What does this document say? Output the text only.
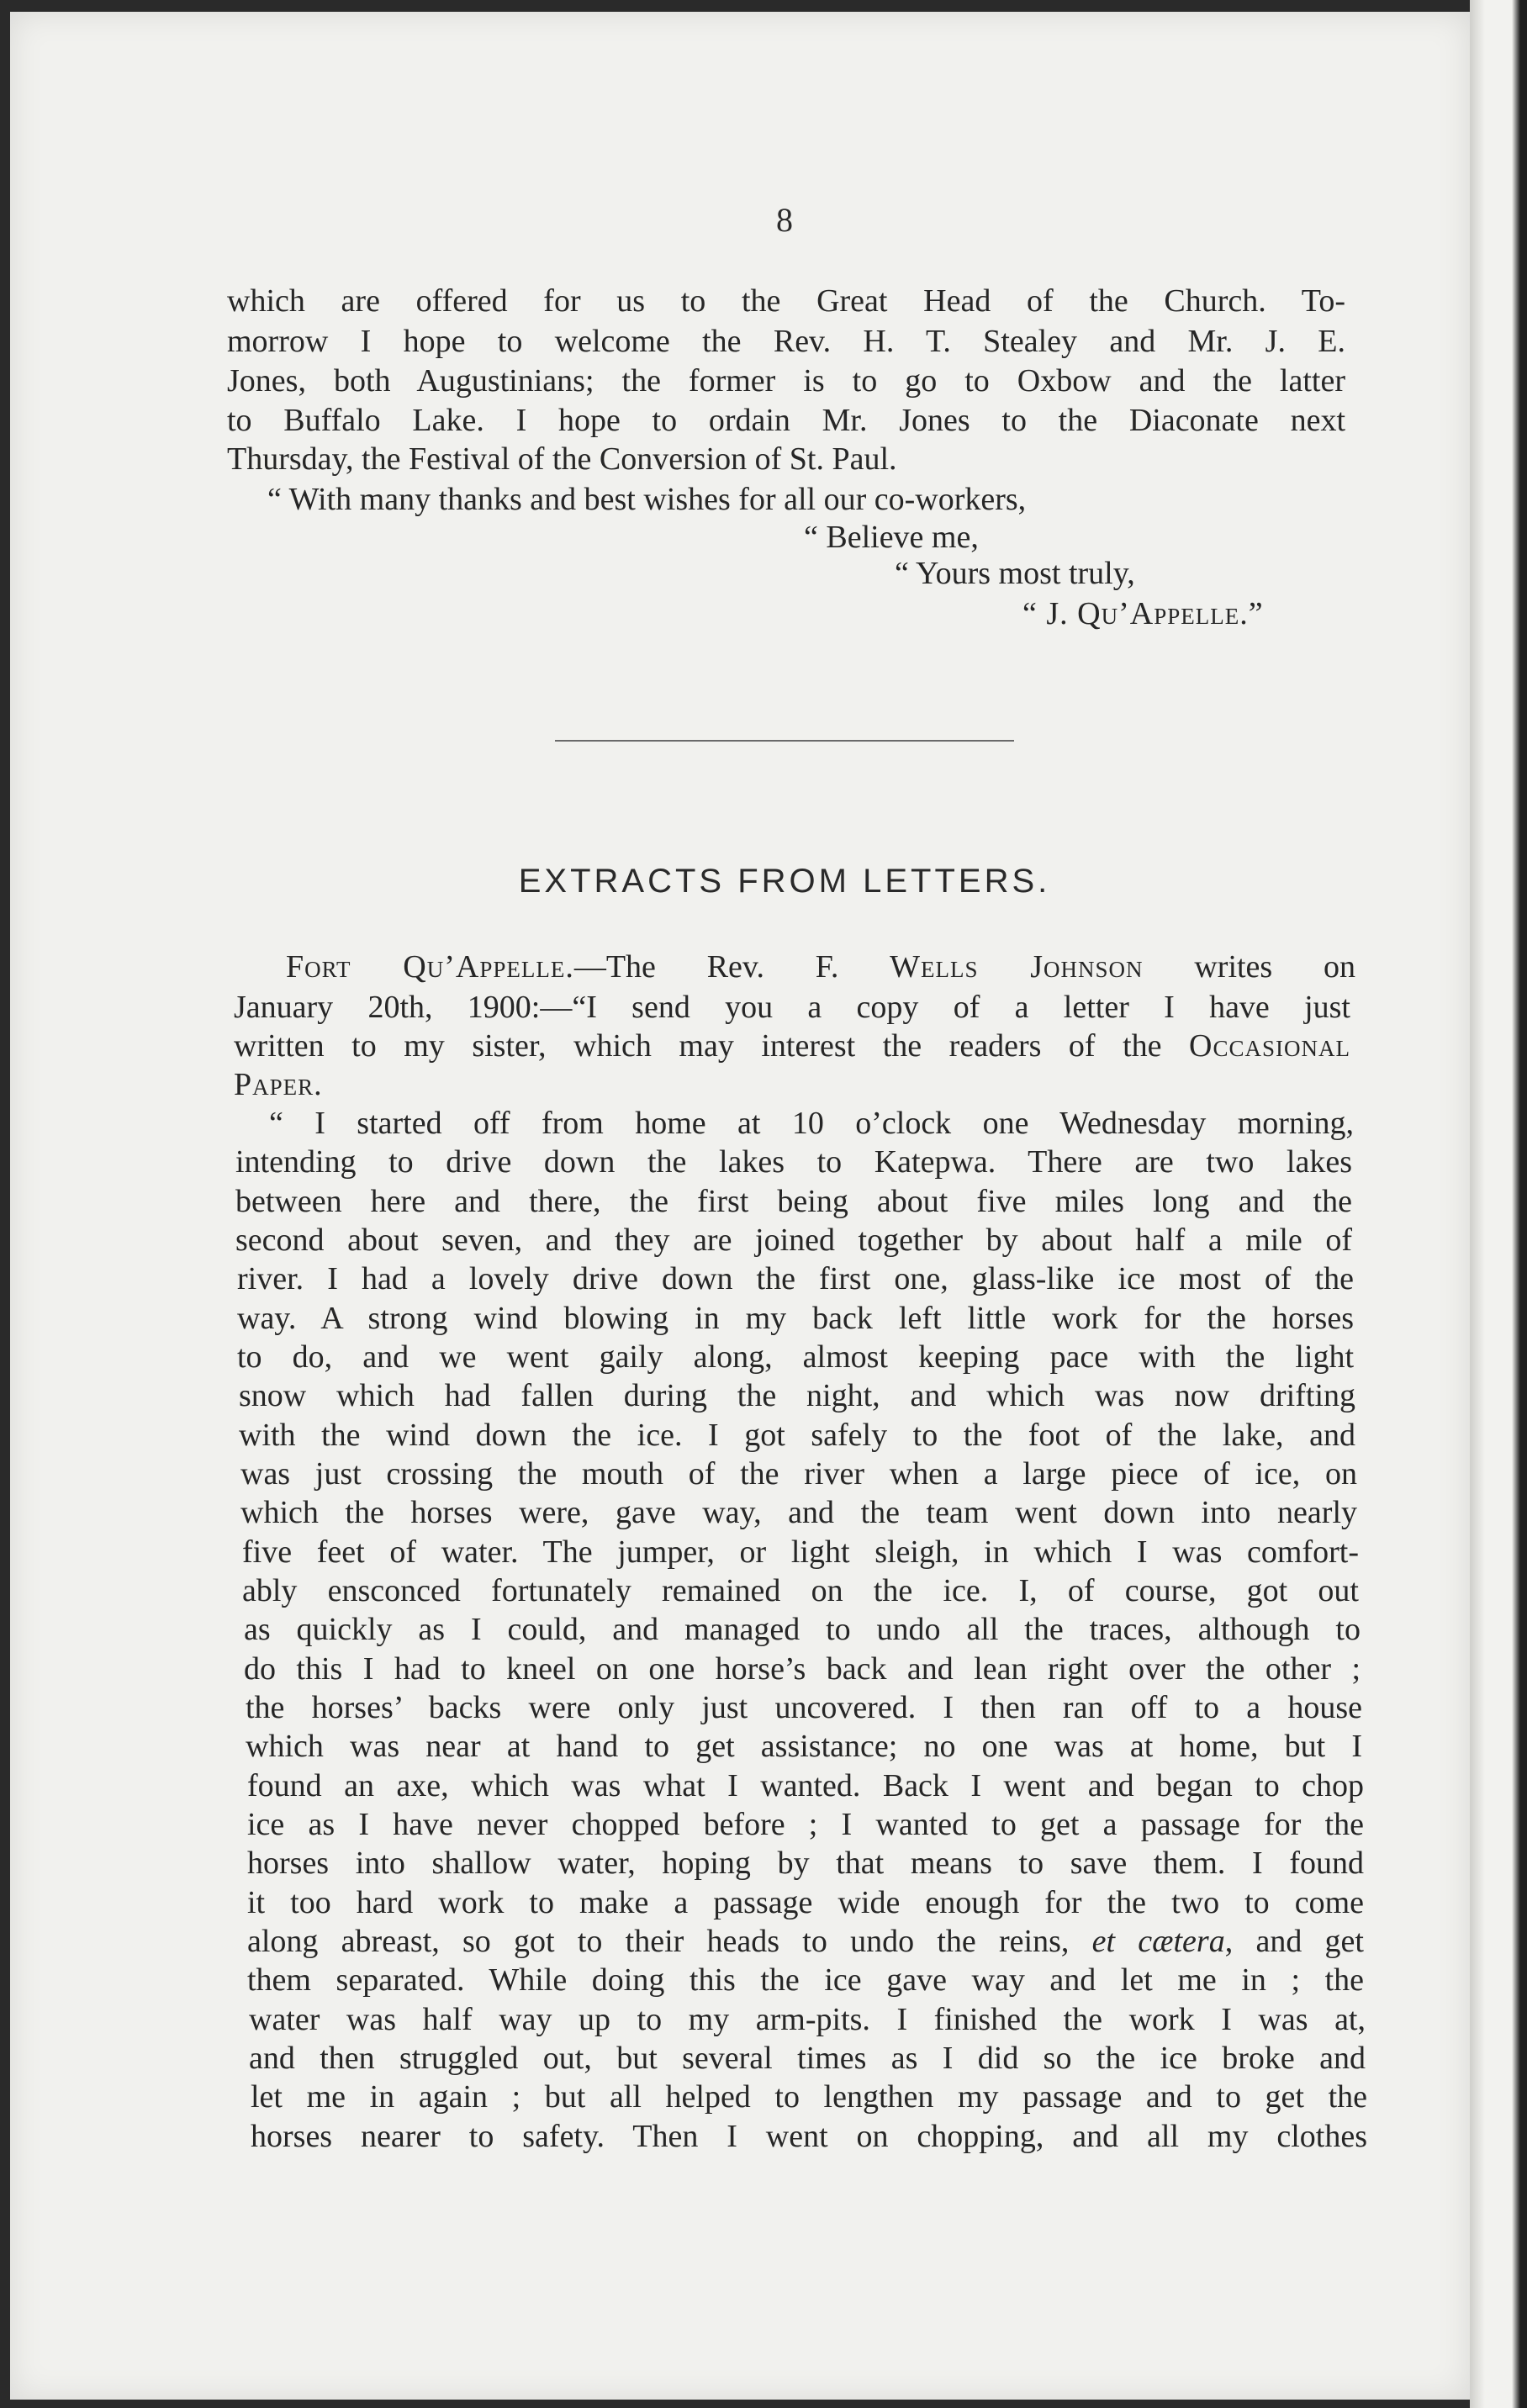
8
which are offered for us to the Great Head of the Church. To-
morrow I hope to welcome the Rev. H. T. Stealey and Mr. J. E.
Jones, both Augustinians; the former is to go to Oxbow and the latter
to Buffalo Lake. I hope to ordain Mr. Jones to the Diaconate next
Thursday, the Festival of the Conversion of St. Paul.
“ With many thanks and best wishes for all our co-workers,
“ Believe me,
“ Yours most truly,
“ J. Qu’Appelle.”
EXTRACTS FROM LETTERS.
Fort Qu’Appelle.—The Rev. F. Wells Johnson writes on
January 20th, 1900:—“I send you a copy of a letter I have just
written to my sister, which may interest the readers of the Occasional
Paper.
“ I started off from home at 10 o’clock one Wednesday morning,
intending to drive down the lakes to Katepwa. There are two lakes
between here and there, the first being about five miles long and the
second about seven, and they are joined together by about half a mile of
river. I had a lovely drive down the first one, glass-like ice most of the
way. A strong wind blowing in my back left little work for the horses
to do, and we went gaily along, almost keeping pace with the light
snow which had fallen during the night, and which was now drifting
with the wind down the ice. I got safely to the foot of the lake, and
was just crossing the mouth of the river when a large piece of ice, on
which the horses were, gave way, and the team went down into nearly
five feet of water. The jumper, or light sleigh, in which I was comfort-
ably ensconced fortunately remained on the ice. I, of course, got out
as quickly as I could, and managed to undo all the traces, although to
do this I had to kneel on one horse’s back and lean right over the other ;
the horses’ backs were only just uncovered. I then ran off to a house
which was near at hand to get assistance; no one was at home, but I
found an axe, which was what I wanted. Back I went and began to chop
ice as I have never chopped before ; I wanted to get a passage for the
horses into shallow water, hoping by that means to save them. I found
it too hard work to make a passage wide enough for the two to come
along abreast, so got to their heads to undo the reins, et cætera, and get
them separated. While doing this the ice gave way and let me in ; the
water was half way up to my arm-pits. I finished the work I was at,
and then struggled out, but several times as I did so the ice broke and
let me in again ; but all helped to lengthen my passage and to get the
horses nearer to safety. Then I went on chopping, and all my clothes
